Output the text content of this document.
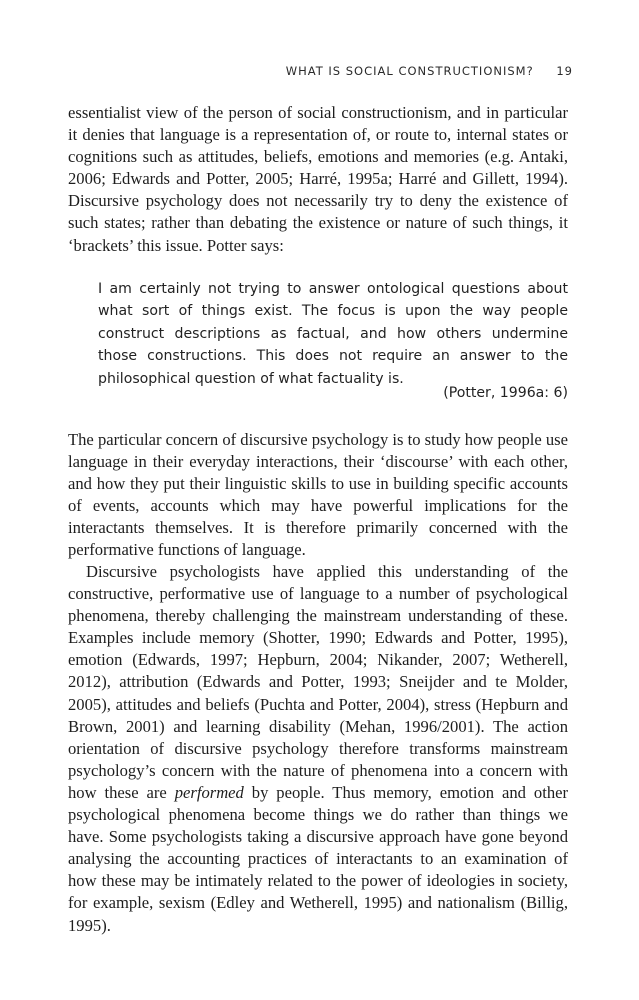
WHAT IS SOCIAL CONSTRUCTIONISM? 19

essentialist view of the person of social constructionism, and in particular it denies that language is a representation of, or route to, internal states or cognitions such as attitudes, beliefs, emotions and memories (e.g. Antaki, 2006; Edwards and Potter, 2005; Harré, 1995a; Harré and Gillett, 1994). Discursive psychology does not necessarily try to deny the existence of such states; rather than debating the existence or nature of such things, it ‘brackets’ this issue. Potter says:

I am certainly not trying to answer ontological questions about what sort of things exist. The focus is upon the way people construct descriptions as factual, and how others undermine those constructions. This does not require an answer to the philosophical question of what factuality is.

(Potter, 1996a: 6)

The particular concern of discursive psychology is to study how people use language in their everyday interactions, their ‘discourse’ with each other, and how they put their linguistic skills to use in building specific accounts of events, accounts which may have powerful implications for the interactants themselves. It is therefore primarily concerned with the performative functions of language.

Discursive psychologists have applied this understanding of the constructive, performative use of language to a number of psychological phenomena, thereby challenging the mainstream understanding of these. Examples include memory (Shotter, 1990; Edwards and Potter, 1995), emotion (Edwards, 1997; Hepburn, 2004; Nikander, 2007; Wetherell, 2012), attribution (Edwards and Potter, 1993; Sneijder and te Molder, 2005), attitudes and beliefs (Puchta and Potter, 2004), stress (Hepburn and Brown, 2001) and learning disability (Mehan, 1996/2001). The action orientation of discursive psychology therefore transforms mainstream psychology’s concern with the nature of phenomena into a concern with how these are performed by people. Thus memory, emotion and other psychological phenomena become things we do rather than things we have. Some psychologists taking a discursive approach have gone beyond analysing the accounting practices of interactants to an examination of how these may be intimately related to the power of ideologies in society, for example, sexism (Edley and Wetherell, 1995) and nationalism (Billig, 1995).
